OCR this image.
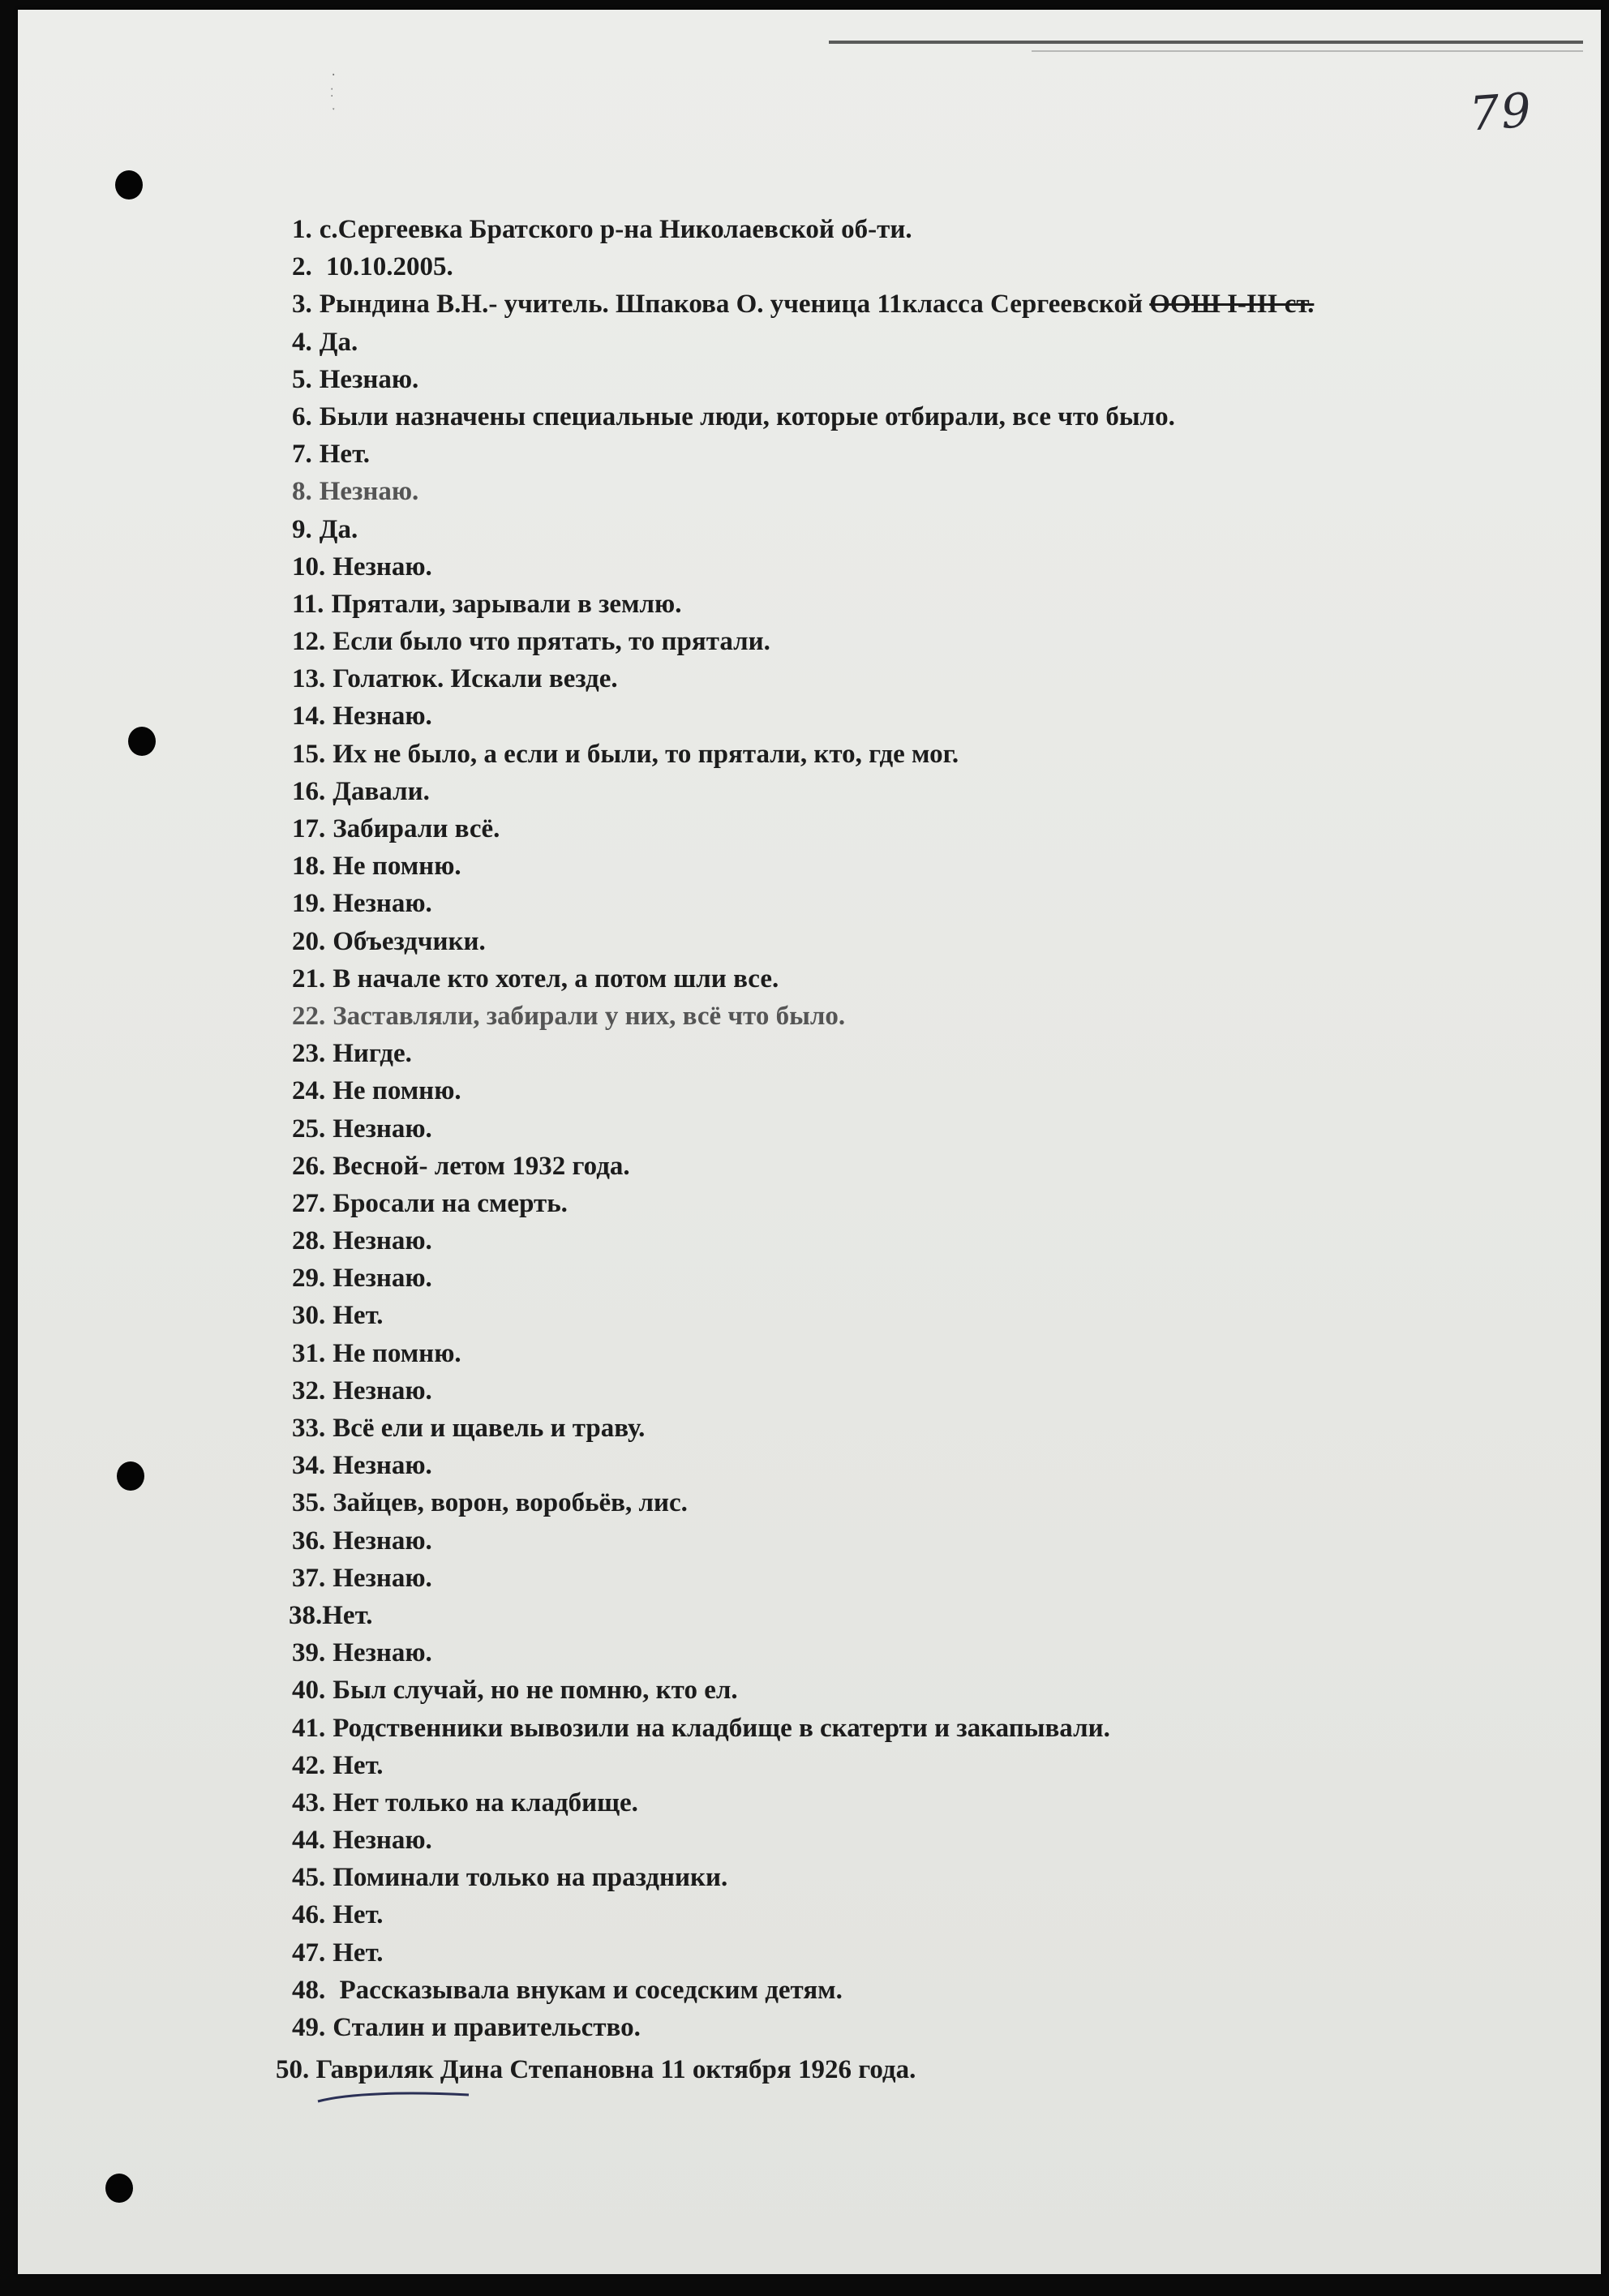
79
·
⁚
ˑ
1. с.Сергеевка Братского р-на Николаевской об-ти.
2. 10.10.2005.
3. Рындина В.Н.- учитель. Шпакова О. ученица 11класса Сергеевской ООШ I-III ст.
4. Да.
5. Незнаю.
6. Были назначены специальные люди, которые отбирали, все что было.
7. Нет.
8. Незнаю.
9. Да.
10. Незнаю.
11. Прятали, зарывали в землю.
12. Если было что прятать, то прятали.
13. Голатюк. Искали везде.
14. Незнаю.
15. Их не было, а если и были, то прятали, кто, где мог.
16. Давали.
17. Забирали всё.
18. Не помню.
19. Незнаю.
20. Объездчики.
21. В начале кто хотел, а потом шли все.
22. Заставляли, забирали у них, всё что было.
23. Нигде.
24. Не помню.
25. Незнаю.
26. Весной- летом 1932 года.
27. Бросали на смерть.
28. Незнаю.
29. Незнаю.
30. Нет.
31. Не помню.
32. Незнаю.
33. Всё ели и щавель и траву.
34. Незнаю.
35. Зайцев, ворон, воробьёв, лис.
36. Незнаю.
37. Незнаю.
38.Нет.
39. Незнаю.
40. Был случай, но не помню, кто ел.
41. Родственники вывозили на кладбище в скатерти и закапывали.
42. Нет.
43. Нет только на кладбище.
44. Незнаю.
45. Поминали только на праздники.
46. Нет.
47. Нет.
48. Рассказывала внукам и соседским детям.
49. Сталин и правительство.
50. Гавриляк Дина Степановна 11 октября 1926 года.
